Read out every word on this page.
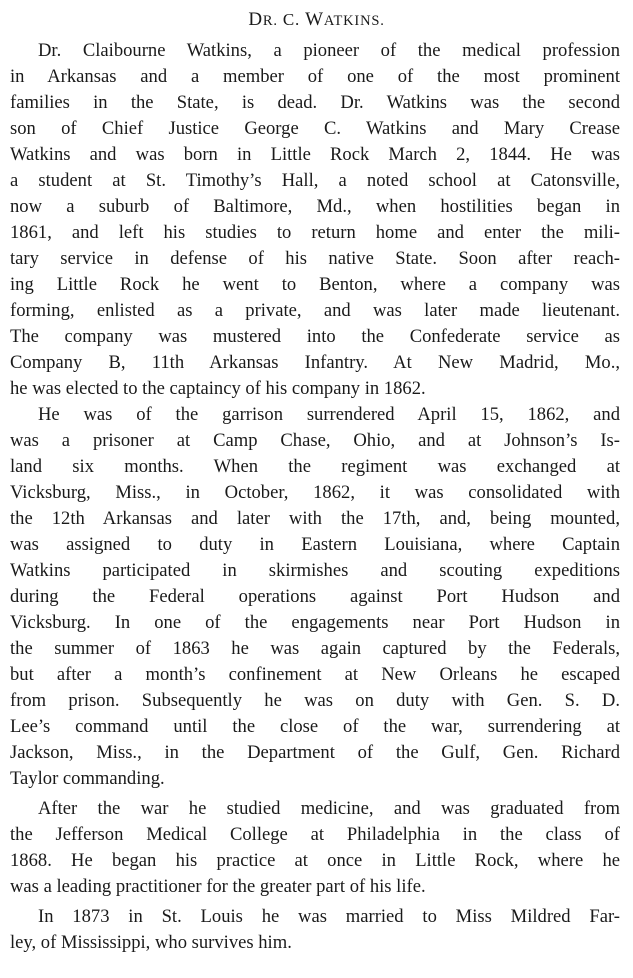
DR. C. WATKINS.
Dr. Claibourne Watkins, a pioneer of the medical profession
in Arkansas and a member of one of the most prominent
families in the State, is dead. Dr. Watkins was the second
son of Chief Justice George C. Watkins and Mary Crease
Watkins and was born in Little Rock March 2, 1844. He was
a student at St. Timothy’s Hall, a noted school at Catonsville,
now a suburb of Baltimore, Md., when hostilities began in
1861, and left his studies to return home and enter the mili-
tary service in defense of his native State. Soon after reach-
ing Little Rock he went to Benton, where a company was
forming, enlisted as a private, and was later made lieutenant.
The company was mustered into the Confederate service as
Company B, 11th Arkansas Infantry. At New Madrid, Mo.,
he was elected to the captaincy of his company in 1862.
He was of the garrison surrendered April 15, 1862, and
was a prisoner at Camp Chase, Ohio, and at Johnson’s Is-
land six months. When the regiment was exchanged at
Vicksburg, Miss., in October, 1862, it was consolidated with
the 12th Arkansas and later with the 17th, and, being mounted,
was assigned to duty in Eastern Louisiana, where Captain
Watkins participated in skirmishes and scouting expeditions
during the Federal operations against Port Hudson and
Vicksburg. In one of the engagements near Port Hudson in
the summer of 1863 he was again captured by the Federals,
but after a month’s confinement at New Orleans he escaped
from prison. Subsequently he was on duty with Gen. S. D.
Lee’s command until the close of the war, surrendering at
Jackson, Miss., in the Department of the Gulf, Gen. Richard
Taylor commanding.
After the war he studied medicine, and was graduated from
the Jefferson Medical College at Philadelphia in the class of
1868. He began his practice at once in Little Rock, where he
was a leading practitioner for the greater part of his life.
In 1873 in St. Louis he was married to Miss Mildred Far-
ley, of Mississippi, who survives him.
